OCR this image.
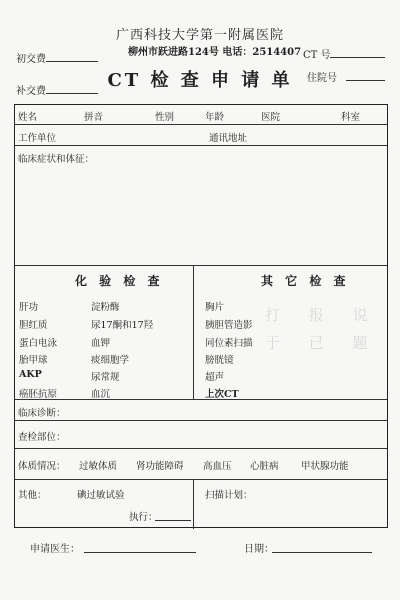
广西科技大学第一附属医院
柳州市跃进路124号 电话：2514407
CT 检 查 申 请 单
初交费
补交费
CT 号
住院号
姓名	拼音	性别	年龄	医院	科室
工作单位	通讯地址
临床症状和体征：
打 报 说
于 已 题
化 验 检 查
肝功	淀粉酶
胆红质	尿17酮和17羟
蛋白电泳	血钾
胎甲球	痰细胞学
AKP	尿常规
癌胚抗原	血沉
其 它 检 查
胸片
胰胆管造影
同位素扫描
膀胱镜
超声
上次CT
临床诊断：
查检部位：
体质情况： 过敏体质 肾功能障碍 高血压 心脏病 甲状腺功能
其他：	碘过敏试验
执行：
扫描计划：
申请医生：	日期：
